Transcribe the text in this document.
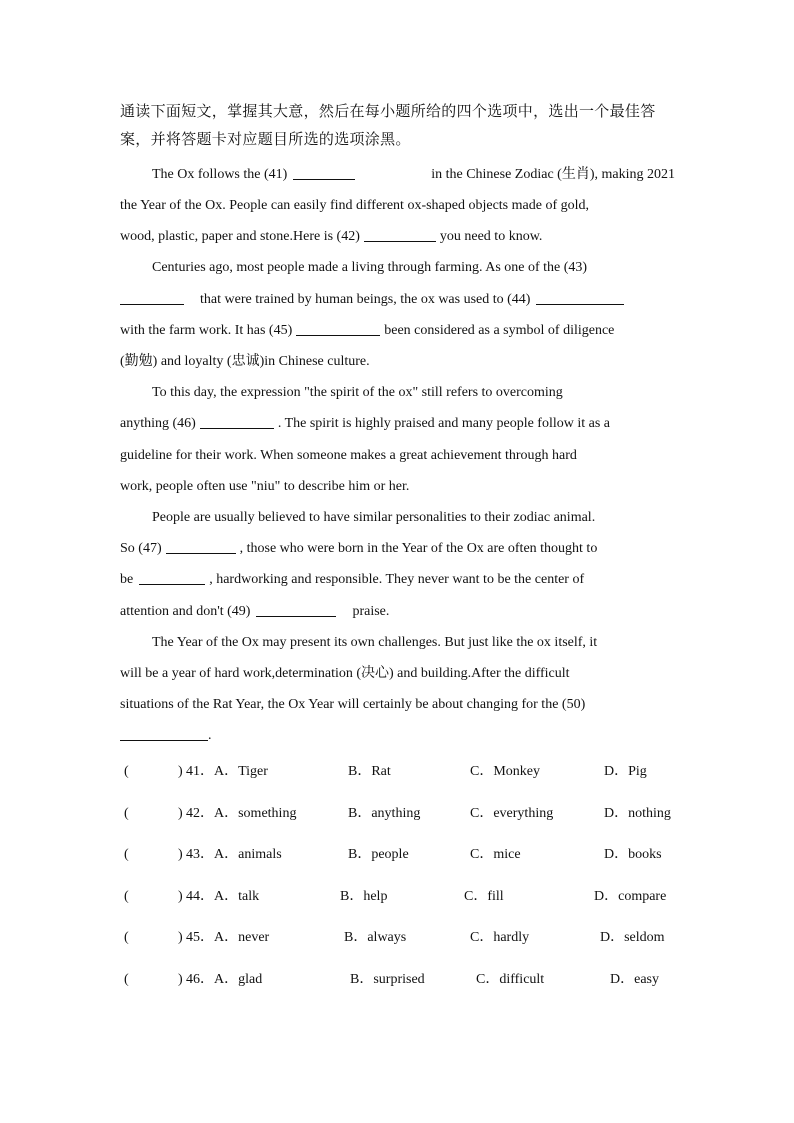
通读下面短文，掌握其大意，然后在每小题所给的四个选项中，选出一个最佳答案，并将答题卡对应题目所选的选项涂黑。
The Ox follows the (41)	in the Chinese Zodiac (生肖), making 2021
the Year of the Ox. People can easily find different ox-shaped objects made of gold,
wood, plastic, paper and stone.Here is (42)	you need to know.
Centuries ago, most people made a living through farming. As one of the (43)
that were trained by human beings, the ox was used to (44)
with the farm work. It has (45)	been considered as a symbol of diligence
(勤勉) and loyalty (忠诚)in Chinese culture.
To this day, the expression "the spirit of the ox" still refers to overcoming
anything (46)	. The spirit is highly praised and many people follow it as a
guideline for their work. When someone makes a great achievement through hard
work, people often use "niu" to describe him or her.
People are usually believed to have similar personalities to their zodiac animal.
So (47)	, those who were born in the Year of the Ox are often thought to
be	, hardworking and responsible. They never want to be the center of
attention and don't (49)	praise.
The Year of the Ox may present its own challenges. But just like the ox itself, it
will be a year of hard work,determination (决心) and building.After the difficult
situations of the Rat Year, the Ox Year will certainly be about changing for the (50)
.
(	) 41．A．Tiger	B．Rat	C．Monkey	D．Pig
(	) 42．A．something	B．anything	C．everything	D．nothing
(	) 43．A．animals	B．people	C．mice	D．books
(	) 44．A．talk	B．help	C．fill	D．compare
(	) 45．A．never	B．always	C．hardly	D．seldom
(	) 46．A．glad	B．surprised	C．difficult	D．easy
